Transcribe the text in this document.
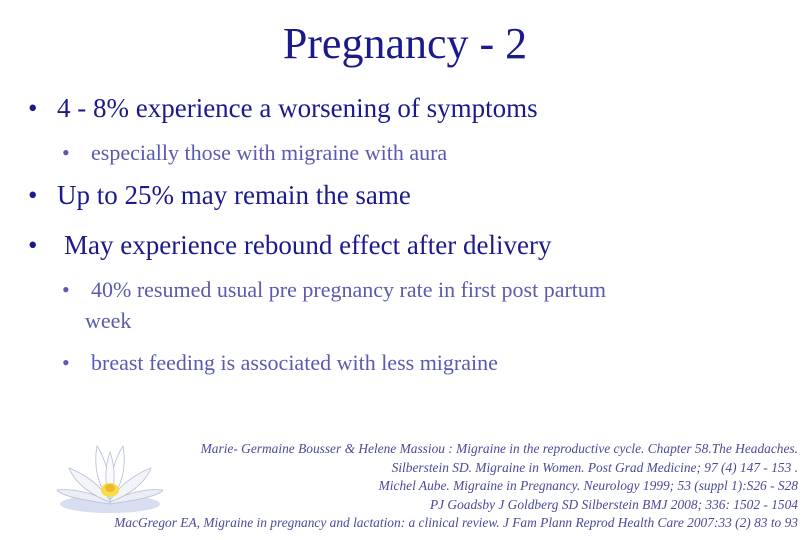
Pregnancy - 2
• 4 - 8% experience a worsening of symptoms

• especially those with migraine with aura

• Up to 25% may remain the same

• May experience rebound effect after delivery

• 40% resumed usual pre pregnancy rate in first post partum

week

• breast feeding is associated with less migraine

Marie- Germaine Bousser & Helene Massiou : Migraine in the reproductive cycle. Chapter 58.The Headaches.
Silberstein SD. Migraine in Women. Post Grad Medicine; 97 (4) 147 - 153 .
Michel Aube. Migraine in Pregnancy. Neurology 1999; 53 (suppl 1):S26 - S28
PJ Goadsby J Goldberg SD Silberstein BMJ 2008; 336: 1502 - 1504
MacGregor EA, Migraine in pregnancy and lactation: a clinical review. J Fam Plann Reprod Health Care 2007:33 (2) 83 to 93
